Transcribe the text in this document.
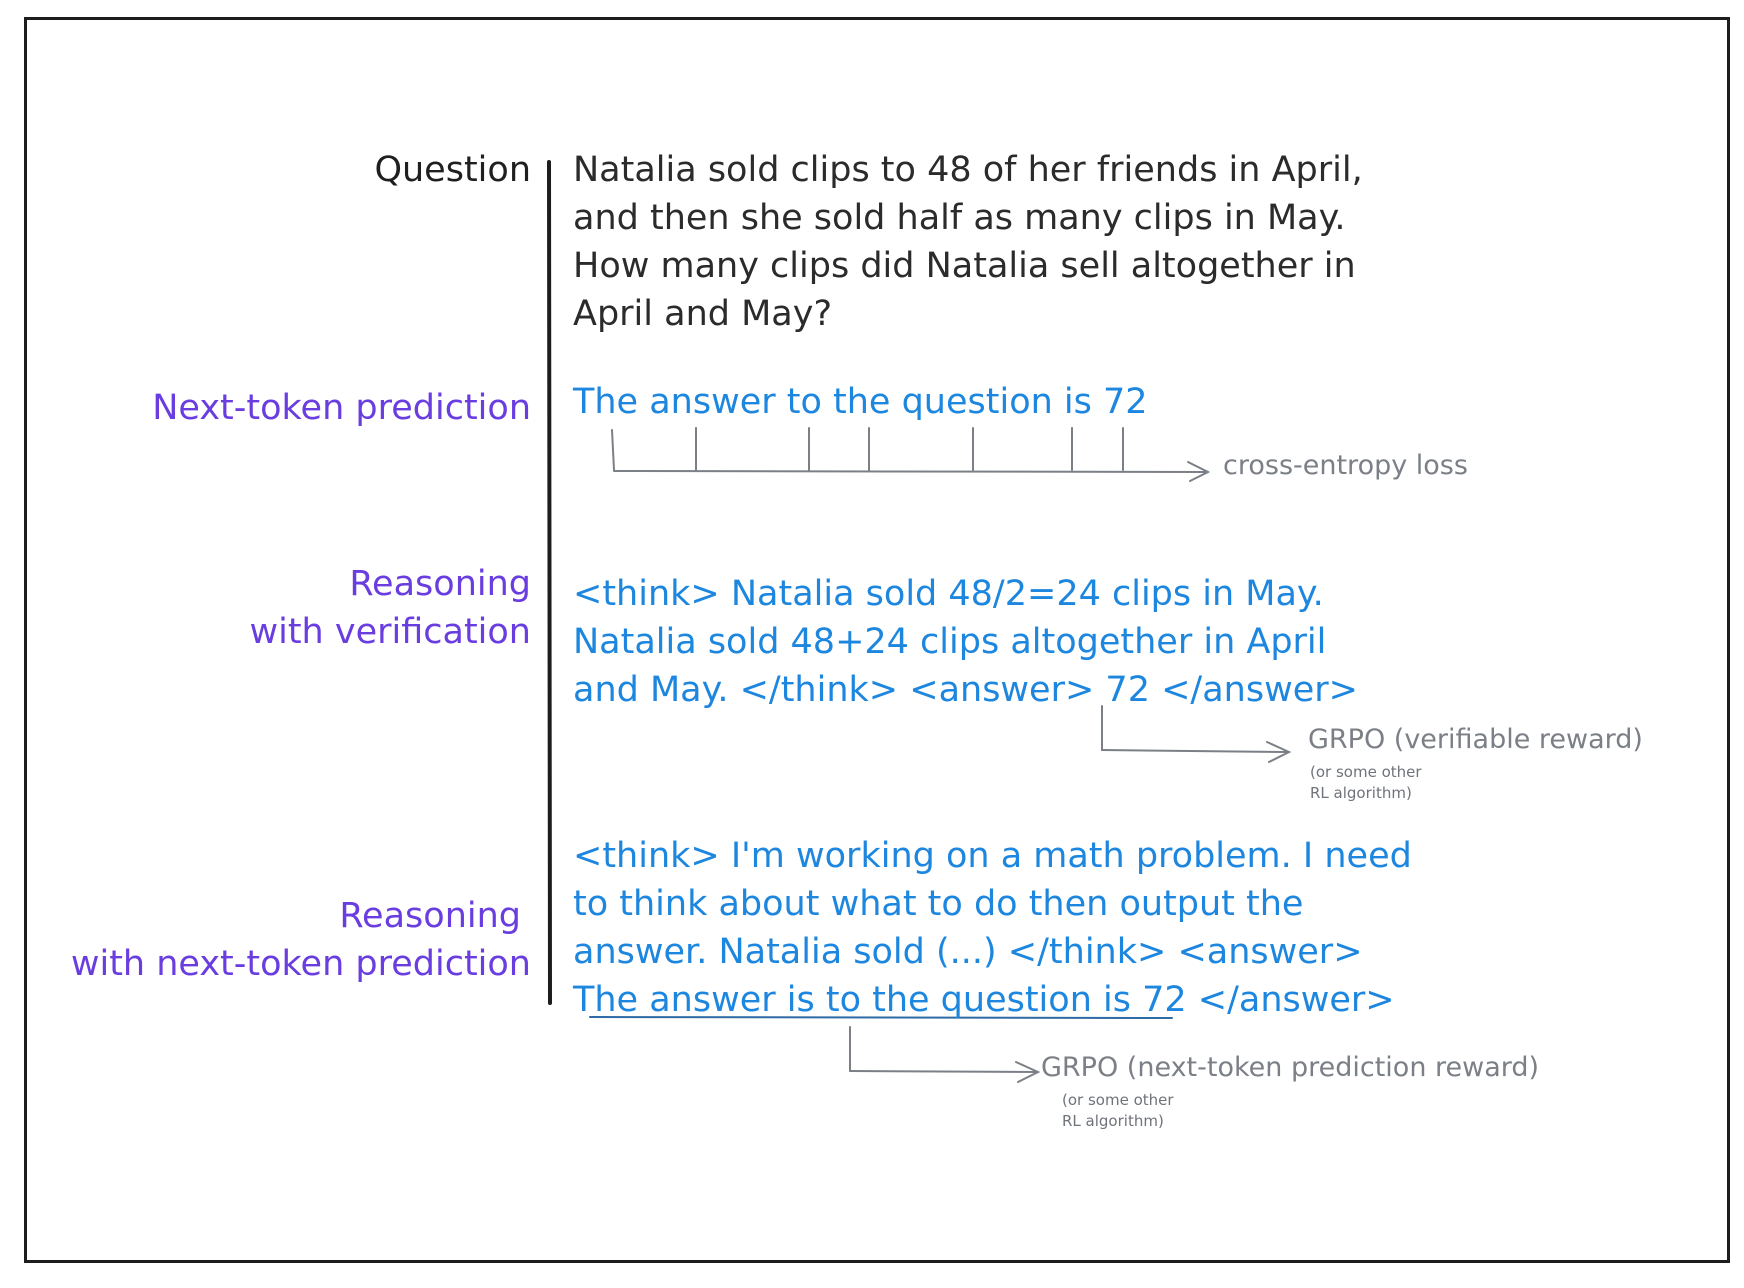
Question
Next-token prediction
Reasoning
with verification
Reasoning
with next-token prediction
Natalia sold clips to 48 of her friends in April,
and then she sold half as many clips in May.
How many clips did Natalia sell altogether in
April and May?
The answer to the question is 72
cross-entropy loss
<think> Natalia sold 48/2=24 clips in May.
Natalia sold 48+24 clips altogether in April
and May. </think> <answer> 72 </answer>
GRPO (verifiable reward)
(or some other
RL algorithm)
<think> I'm working on a math problem. I need
to think about what to do then output the
answer. Natalia sold (...) </think> <answer>
The answer is to the question is 72 </answer>
GRPO (next-token prediction reward)
(or some other
RL algorithm)
